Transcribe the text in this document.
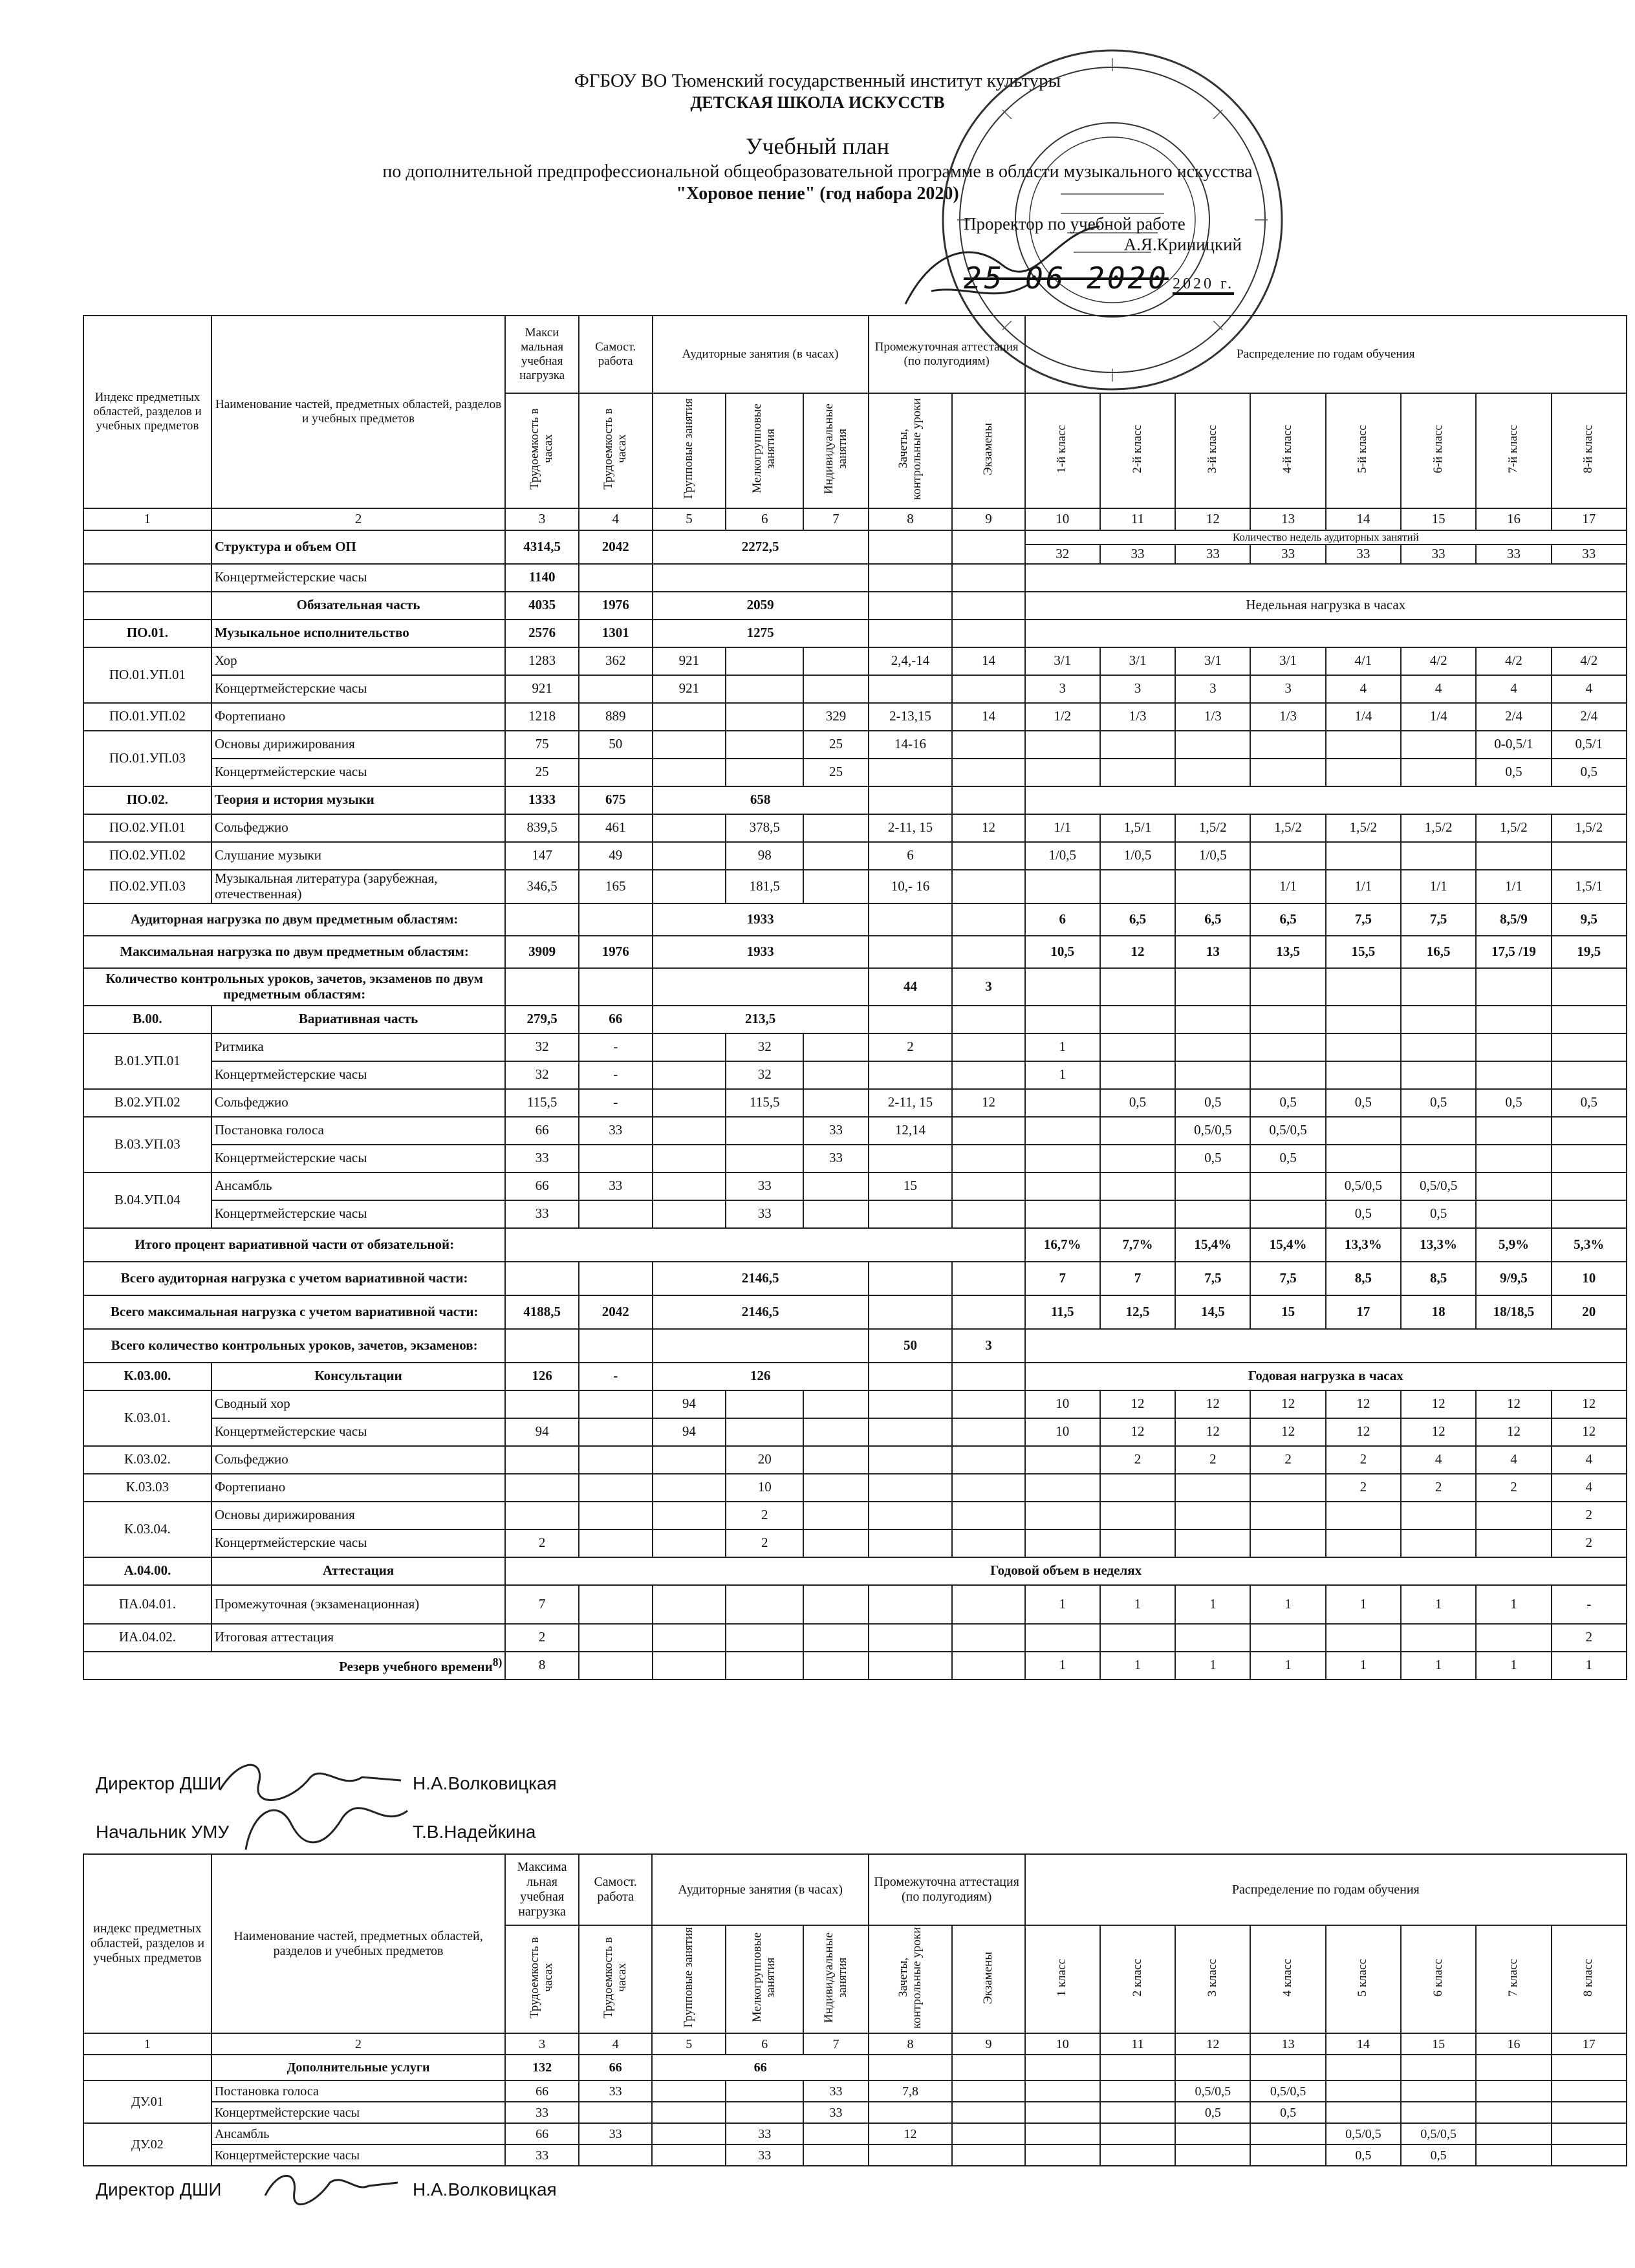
ФГБОУ ВО Тюменский государственный институт культуры
ДЕТСКАЯ ШКОЛА ИСКУССТВ
Учебный план
по дополнительной предпрофессиональной общеобразовательной программе в области музыкального искусства
"Хоровое пение" (год набора 2020)
Проректор по учебной работе
А.Я.Криницкий
25 06 2020 2020 г.
Индекс предметных областей, разделов и учебных предметов	Наименование частей, предметных областей, разделов и учебных предметов	Макси мальная учебная нагрузка	Самост. работа	Аудиторные занятия (в часах)			Промежуточная аттестация (по полугодиям)		Распределение по годам обучения							
		Трудоемкость в часах	Трудоемкость в часах	Групповые занятия	Мелкогрупповые занятия	Индивидуальные занятия	Зачеты, контрольные уроки	Экзамены	1-й класс	2-й класс	3-й класс	4-й класс	5-й класс	6-й класс	7-й класс	8-й класс
1	2	3	4	5	6	7	8	9	10	11	12	13	14	15	16	17
	Структура и объем ОП	4314,5	2042	2272,5					Количество недель аудиторных занятий							
									32	33	33	33	33	33	33	33
	Концертмейстерские часы	1140														
	Обязательная часть	4035	1976	2059					Недельная нагрузка в часах							
ПО.01.	Музыкальное исполнительство	2576	1301	1275												
ПО.01.УП.01	Хор	1283	362	921			2,4,-14	14	3/1	3/1	3/1	3/1	4/1	4/2	4/2	4/2
	Концертмейстерские часы	921		921					3	3	3	3	4	4	4	4
ПО.01.УП.02	Фортепиано	1218	889			329	2-13,15	14	1/2	1/3	1/3	1/3	1/4	1/4	2/4	2/4
ПО.01.УП.03	Основы дирижирования	75	50			25	14-16								0-0,5/1	0,5/1
	Концертмейстерские часы	25				25									0,5	0,5
ПО.02.	Теория и история музыки	1333	675	658												
ПО.02.УП.01	Сольфеджио	839,5	461		378,5		2-11, 15	12	1/1	1,5/1	1,5/2	1,5/2	1,5/2	1,5/2	1,5/2	1,5/2
ПО.02.УП.02	Слушание музыки	147	49		98		6		1/0,5	1/0,5	1/0,5					
ПО.02.УП.03	Музыкальная литература (зарубежная, отечественная)	346,5	165		181,5		10,- 16					1/1	1/1	1/1	1/1	1,5/1
Аудиторная нагрузка по двум предметным областям:				1933					6	6,5	6,5	6,5	7,5	7,5	8,5/9	9,5
Максимальная нагрузка по двум предметным областям:		3909	1976	1933					10,5	12	13	13,5	15,5	16,5	17,5 /19	19,5
Количество контрольных уроков, зачетов, экзаменов по двум предметным областям:							44	3								
В.00.	Вариативная часть	279,5	66	213,5												
В.01.УП.01	Ритмика	32	-		32		2		1							
	Концертмейстерские часы	32	-		32				1							
В.02.УП.02	Сольфеджио	115,5	-		115,5		2-11, 15	12		0,5	0,5	0,5	0,5	0,5	0,5	0,5
В.03.УП.03	Постановка голоса	66	33			33	12,14				0,5/0,5	0,5/0,5				
	Концертмейстерские часы	33				33					0,5	0,5				
В.04.УП.04	Ансамбль	66	33		33		15						0,5/0,5	0,5/0,5		
	Концертмейстерские часы	33			33								0,5	0,5		
Итого процент вариативной части от обязательной:									16,7%	7,7%	15,4%	15,4%	13,3%	13,3%	5,9%	5,3%
Всего аудиторная нагрузка с учетом вариативной части:				2146,5					7	7	7,5	7,5	8,5	8,5	9/9,5	10
Всего максимальная нагрузка с учетом вариативной части:		4188,5	2042	2146,5					11,5	12,5	14,5	15	17	18	18/18,5	20
Всего количество контрольных уроков, зачетов, экзаменов:							50	3								
К.03.00.	Консультации	126	-	126					Годовая нагрузка в часах							
К.03.01.	Сводный хор			94					10	12	12	12	12	12	12	12
	Концертмейстерские часы	94		94					10	12	12	12	12	12	12	12
К.03.02.	Сольфеджио				20					2	2	2	2	4	4	4
К.03.03	Фортепиано				10								2	2	2	4
К.03.04.	Основы дирижирования				2											2
	Концертмейстерские часы	2			2											2
А.04.00.	Аттестация	Годовой объем в неделях														
ПА.04.01.	Промежуточная (экзаменационная)	7							1	1	1	1	1	1	1	-
ИА.04.02.	Итоговая аттестация	2														2
Резерв учебного времени$^{8)}$		8							1	1	1	1	1	1	1	1
Директор ДШИ	Н.А.Волковицкая
Начальник УМУ	Т.В.Надейкина
индекс предметных областей, разделов и учебных предметов	Наименование частей, предметных областей, разделов и учебных предметов	Максима льная учебная нагрузка	Самост. работа	Аудиторные занятия (в часах)			Промежуточна аттестация (по полугодиям)		Распределение по годам обучения							
		Трудоемкость в часах	Трудоемкость в часах	Групповые занятия	Мелкогрупповые занятия	Индивидуальные занятия	Зачеты, контрольные уроки	Экзамены	1 класс	2 класс	3 класс	4 класс	5 класс	6 класс	7 класс	8 класс
1	2	3	4	5	6	7	8	9	10	11	12	13	14	15	16	17
	Дополнительные услуги	132	66	66												
ДУ.01	Постановка голоса	66	33			33	7,8				0,5/0,5	0,5/0,5				
	Концертмейстерские часы	33				33					0,5	0,5				
ДУ.02	Ансамбль	66	33		33		12						0,5/0,5	0,5/0,5		
	Концертмейстерские часы	33			33								0,5	0,5		
Директор ДШИ	Н.А.Волковицкая
